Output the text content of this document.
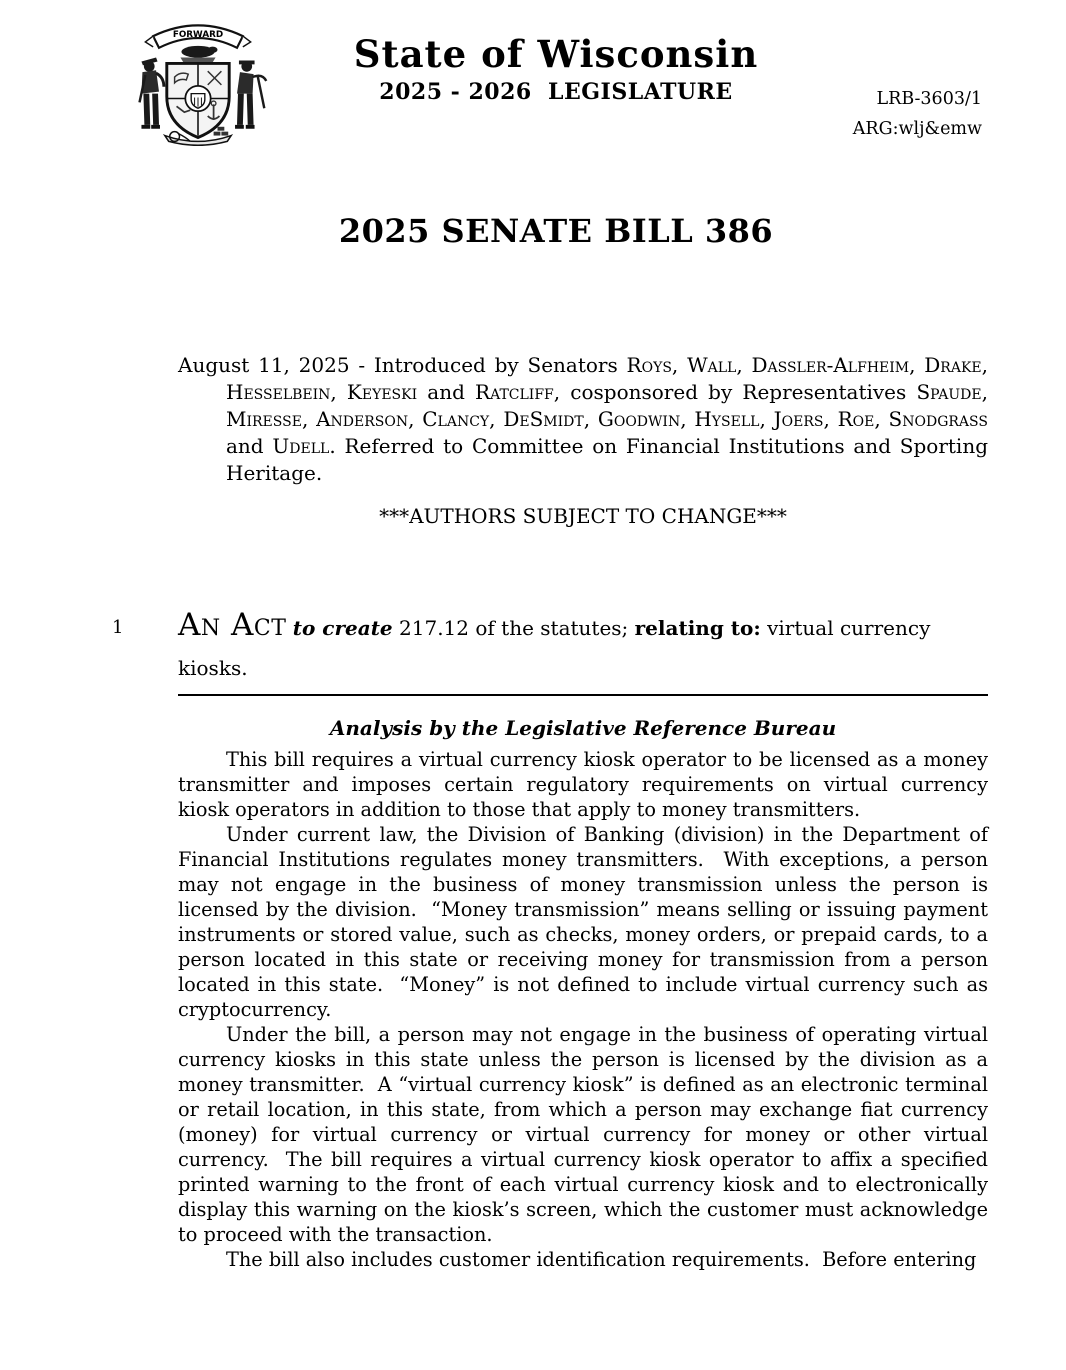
FORWARD	State of Wisconsin
2025 - 2026  LEGISLATURE	LRB-3603/1
ARG:wlj&emw
2025 SENATE BILL 386

August 11, 2025 - Introduced by Senators Roys, Wall, Dassler-Alfheim, Drake, Hesselbein, Keyeski and Ratcliff, cosponsored by Representatives Spaude, Miresse, Anderson, Clancy, DeSmidt, Goodwin, Hysell, Joers, Roe, Snodgrass and Udell. Referred to Committee on Financial Institutions and Sporting Heritage.

***AUTHORS SUBJECT TO CHANGE***
1 An Act to create 217.12 of the statutes; relating to: virtual currency kiosks.
Analysis by the Legislative Reference Bureau

This bill requires a virtual currency kiosk operator to be licensed as a money transmitter and imposes certain regulatory requirements on virtual currency kiosk operators in addition to those that apply to money transmitters.

Under current law, the Division of Banking (division) in the Department of Financial Institutions regulates money transmitters.  With exceptions, a person may not engage in the business of money transmission unless the person is licensed by the division.  “Money transmission” means selling or issuing payment instruments or stored value, such as checks, money orders, or prepaid cards, to a person located in this state or receiving money for transmission from a person located in this state.  “Money” is not defined to include virtual currency such as cryptocurrency.

Under the bill, a person may not engage in the business of operating virtual currency kiosks in this state unless the person is licensed by the division as a money transmitter.  A “virtual currency kiosk” is defined as an electronic terminal or retail location, in this state, from which a person may exchange fiat currency (money) for virtual currency or virtual currency for money or other virtual currency.  The bill requires a virtual currency kiosk operator to affix a specified printed warning to the front of each virtual currency kiosk and to electronically display this warning on the kiosk’s screen, which the customer must acknowledge to proceed with the transaction.

The bill also includes customer identification requirements.  Before entering
